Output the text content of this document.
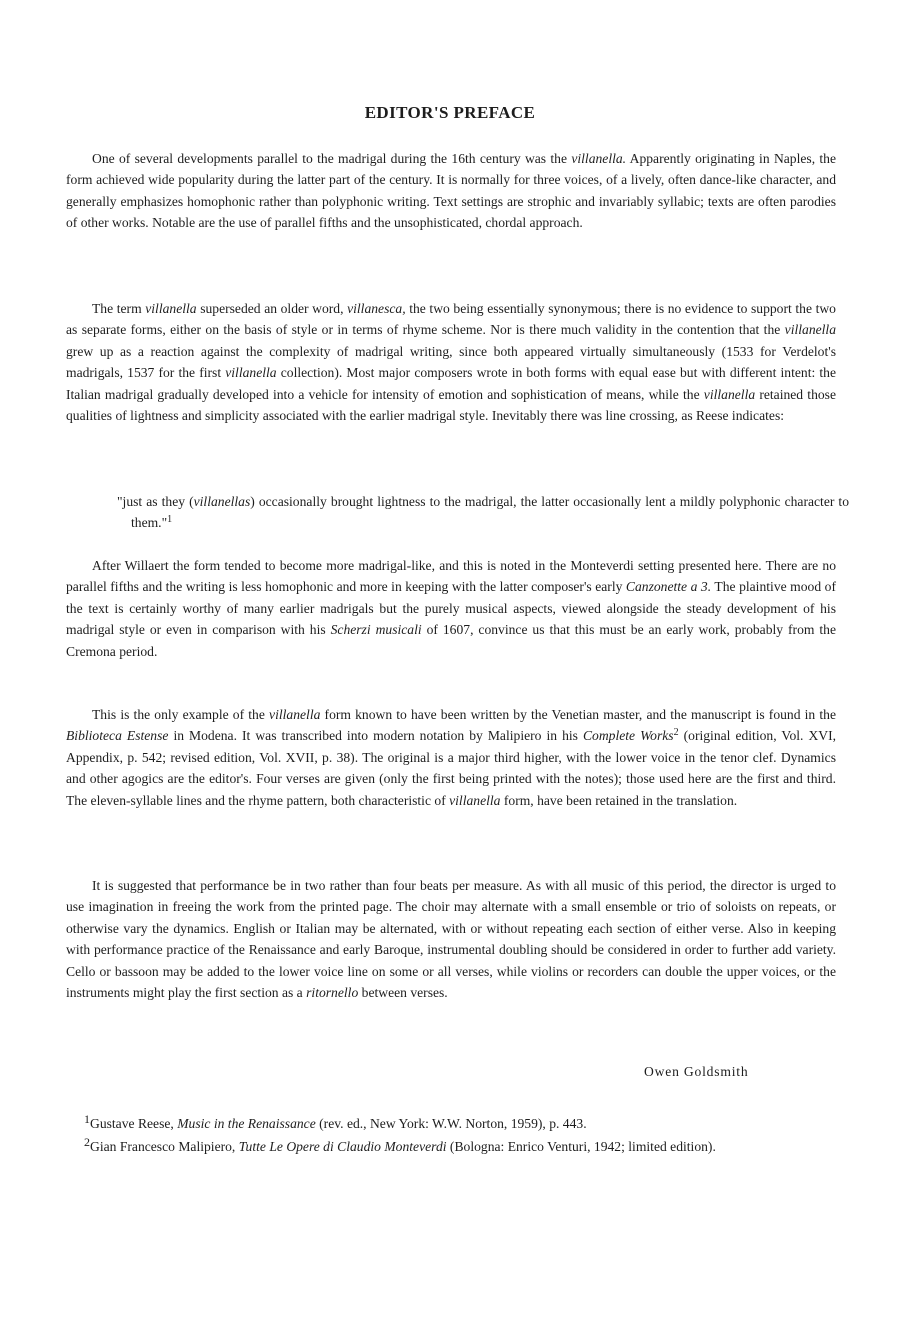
EDITOR'S PREFACE

One of several developments parallel to the madrigal during the 16th century was the villanella. Apparently originating in Naples, the form achieved wide popularity during the latter part of the century. It is normally for three voices, of a lively, often dance-like character, and generally emphasizes homophonic rather than polyphonic writing. Text settings are strophic and invariably syllabic; texts are often parodies of other works. Notable are the use of parallel fifths and the unsophisticated, chordal approach.

The term villanella superseded an older word, villanesca, the two being essentially synonymous; there is no evidence to support the two as separate forms, either on the basis of style or in terms of rhyme scheme. Nor is there much validity in the contention that the villanella grew up as a reaction against the complexity of madrigal writing, since both appeared virtually simultaneously (1533 for Verdelot's madrigals, 1537 for the first villanella collection). Most major composers wrote in both forms with equal ease but with different intent: the Italian madrigal gradually developed into a vehicle for intensity of emotion and sophistication of means, while the villanella retained those qualities of lightness and simplicity associated with the earlier madrigal style. Inevitably there was line crossing, as Reese indicates:

"just as they (villanellas) occasionally brought lightness to the madrigal, the latter occasionally lent a mildly polyphonic character to them."$^1$

After Willaert the form tended to become more madrigal-like, and this is noted in the Monteverdi setting presented here. There are no parallel fifths and the writing is less homophonic and more in keeping with the latter composer's early Canzonette a 3. The plaintive mood of the text is certainly worthy of many earlier madrigals but the purely musical aspects, viewed alongside the steady development of his madrigal style or even in comparison with his Scherzi musicali of 1607, convince us that this must be an early work, probably from the Cremona period.

This is the only example of the villanella form known to have been written by the Venetian master, and the manuscript is found in the Biblioteca Estense in Modena. It was transcribed into modern notation by Malipiero in his Complete Works$^2$ (original edition, Vol. XVI, Appendix, p. 542; revised edition, Vol. XVII, p. 38). The original is a major third higher, with the lower voice in the tenor clef. Dynamics and other agogics are the editor's. Four verses are given (only the first being printed with the notes); those used here are the first and third. The eleven-syllable lines and the rhyme pattern, both characteristic of villanella form, have been retained in the translation.

It is suggested that performance be in two rather than four beats per measure. As with all music of this period, the director is urged to use imagination in freeing the work from the printed page. The choir may alternate with a small ensemble or trio of soloists on repeats, or otherwise vary the dynamics. English or Italian may be alternated, with or without repeating each section of either verse. Also in keeping with performance practice of the Renaissance and early Baroque, instrumental doubling should be considered in order to further add variety. Cello or bassoon may be added to the lower voice line on some or all verses, while violins or recorders can double the upper voices, or the instruments might play the first section as a ritornello between verses.

Owen Goldsmith

1Gustave Reese, Music in the Renaissance (rev. ed., New York: W.W. Norton, 1959), p. 443.

2Gian Francesco Malipiero, Tutte Le Opere di Claudio Monteverdi (Bologna: Enrico Venturi, 1942; limited edition).
